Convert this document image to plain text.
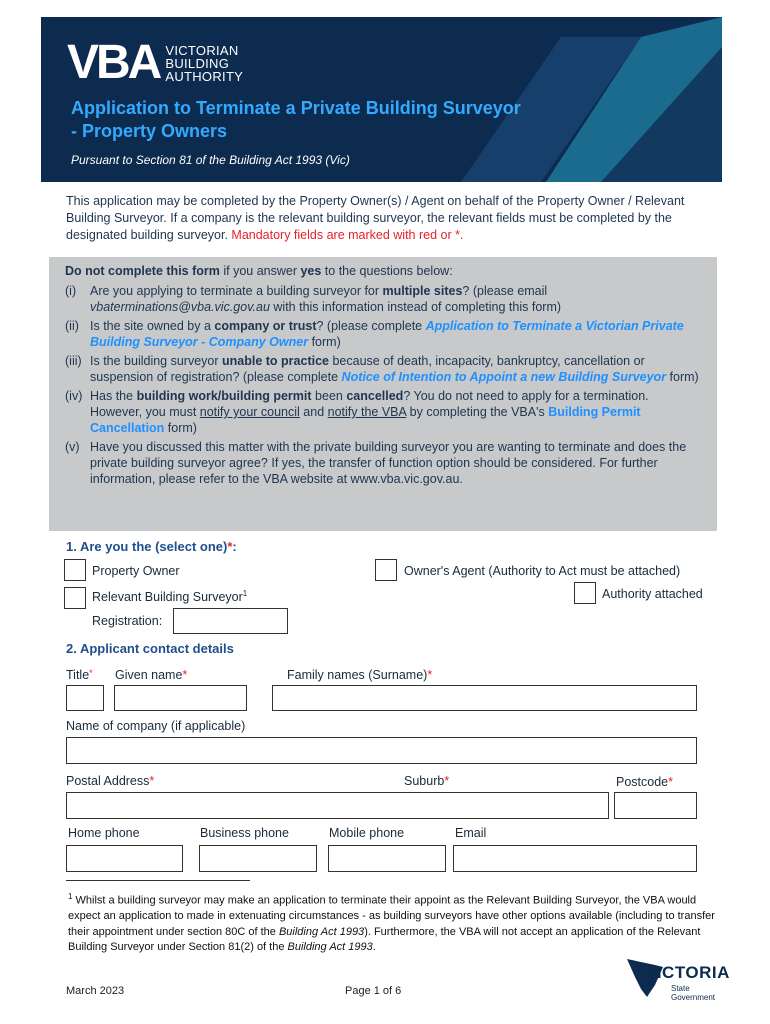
VBA VICTORIAN
BUILDING
AUTHORITY
Application to Terminate a Private Building Surveyor - Property Owners
Pursuant to Section 81 of the Building Act 1993 (Vic)
This application may be completed by the Property Owner(s) / Agent on behalf of the Property Owner / Relevant Building Surveyor. If a company is the relevant building surveyor, the relevant fields must be completed by the designated building surveyor. Mandatory fields are marked with red or *.
Do not complete this form if you answer yes to the questions below:
(i)	Are you applying to terminate a building surveyor for multiple sites? (please email vbaterminations@vba.vic.gov.au with this information instead of completing this form)
(ii) Is the site owned by a company or trust? (please complete Application to Terminate a Victorian Private Building Surveyor - Company Owner form)
(iii) Is the building surveyor unable to practice because of death, incapacity, bankruptcy, cancellation or suspension of registration? (please complete Notice of Intention to Appoint a new Building Surveyor form)
(iv) Has the building work/building permit been cancelled? You do not need to apply for a termination. However, you must notify your council and notify the VBA by completing the VBA's Building Permit Cancellation form)
(v) Have you discussed this matter with the private building surveyor you are wanting to terminate and does the private building surveyor agree? If yes, the transfer of function option should be considered. For further information, please refer to the VBA website at www.vba.vic.gov.au.
1. Are you the (select one)*:
Property Owner	Owner's Agent (Authority to Act must be attached)
Relevant Building Surveyor$^1$	Authority attached
Registration:
2. Applicant contact details
Title* Given name*	Family names (Surname)*
Name of company (if applicable)
Postal Address*	Suburb*	Postcode*
Home phone	Business phone	Mobile phone	Email
$^1$ Whilst a building surveyor may make an application to terminate their appoint as the Relevant Building Surveyor, the VBA would expect an application to made in extenuating circumstances - as building surveyors have other options available (including to transfer their appointment under section 80C of the Building Act 1993). Furthermore, the VBA will not accept an application of the Relevant Building Surveyor under Section 81(2) of the Building Act 1993.
March 2023	Page 1 of 6
VICTORIA
State
Government
